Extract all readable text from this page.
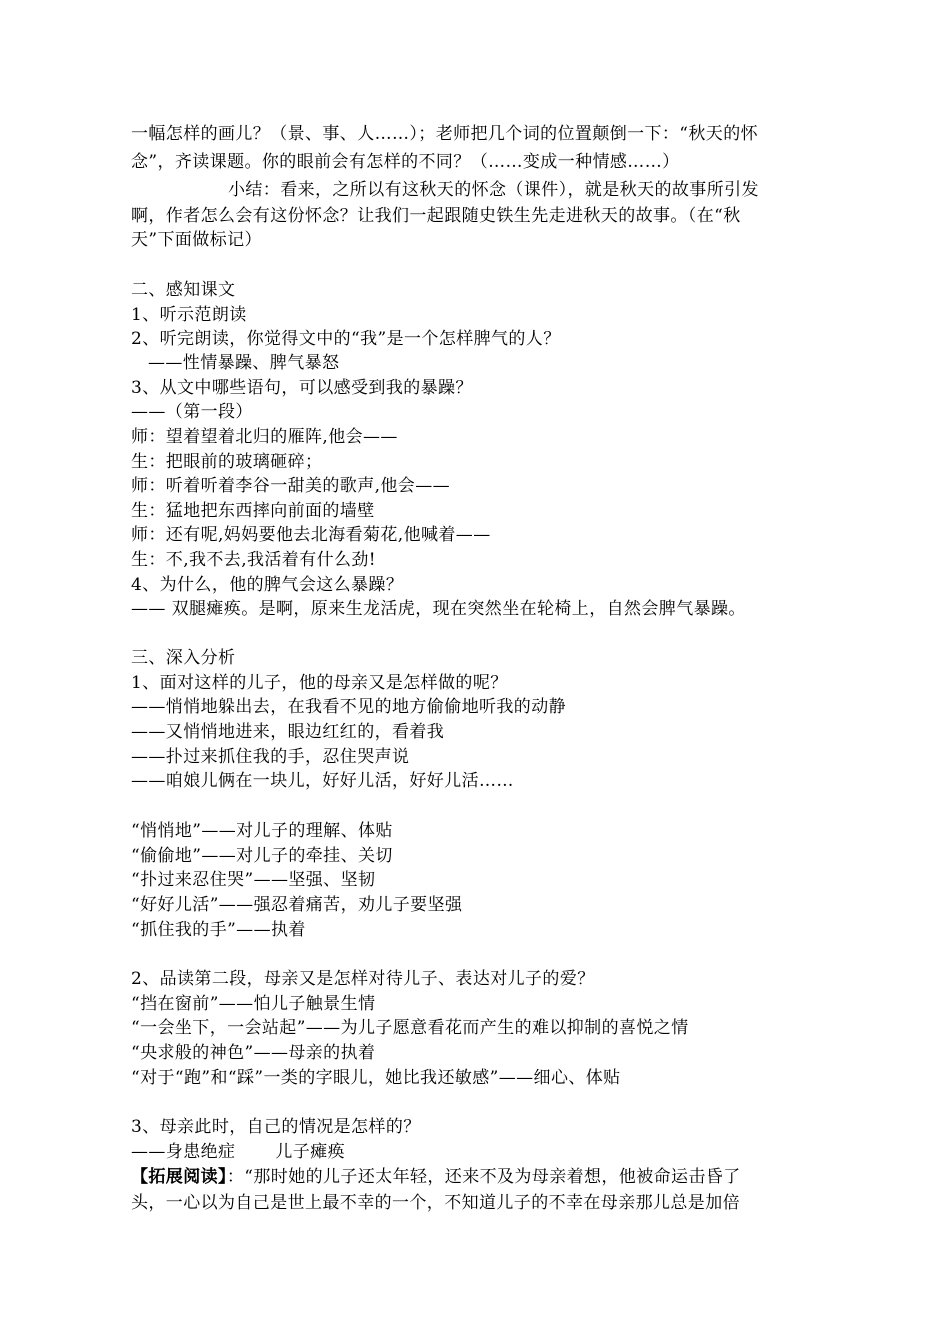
一幅怎样的画儿？（景、事、人……）；老师把几个词的位置颠倒一下：“秋天的怀
念”，齐读课题。你的眼前会有怎样的不同？（……变成一种情感……）
小结：看来，之所以有这秋天的怀念（课件），就是秋天的故事所引发
啊，作者怎么会有这份怀念？让我们一起跟随史铁生先走进秋天的故事。（在“秋
天”下面做标记）
二、感知课文
1、听示范朗读
2、听完朗读，你觉得文中的“我”是一个怎样脾气的人？
——性情暴躁、脾气暴怒
3、从文中哪些语句，可以感受到我的暴躁？
——（第一段）
师：望着望着北归的雁阵,他会——
生：把眼前的玻璃砸碎；
师：听着听着李谷一甜美的歌声,他会——
生：猛地把东西摔向前面的墙壁
师：还有呢,妈妈要他去北海看菊花,他喊着——
生：不,我不去,我活着有什么劲!
4、为什么，他的脾气会这么暴躁？
—— 双腿瘫痪。是啊，原来生龙活虎，现在突然坐在轮椅上，自然会脾气暴躁。
三、深入分析
1、面对这样的儿子，他的母亲又是怎样做的呢？
——悄悄地躲出去，在我看不见的地方偷偷地听我的动静
——又悄悄地进来，眼边红红的，看着我
——扑过来抓住我的手，忍住哭声说
——咱娘儿俩在一块儿，好好儿活，好好儿活……
“悄悄地”——对儿子的理解、体贴
“偷偷地”——对儿子的牵挂、关切
“扑过来忍住哭”——坚强、坚韧
“好好儿活”——强忍着痛苦，劝儿子要坚强
“抓住我的手”——执着
2、品读第二段，母亲又是怎样对待儿子、表达对儿子的爱？
“挡在窗前”——怕儿子触景生情
“一会坐下，一会站起”——为儿子愿意看花而产生的难以抑制的喜悦之情
“央求般的神色”——母亲的执着
“对于“跑”和“踩”一类的字眼儿，她比我还敏感”——细心、体贴
3、母亲此时，自己的情况是怎样的？
——身患绝症 儿子瘫痪
【拓展阅读】：“那时她的儿子还太年轻，还来不及为母亲着想，他被命运击昏了
头，一心以为自己是世上最不幸的一个，不知道儿子的不幸在母亲那儿总是加倍
